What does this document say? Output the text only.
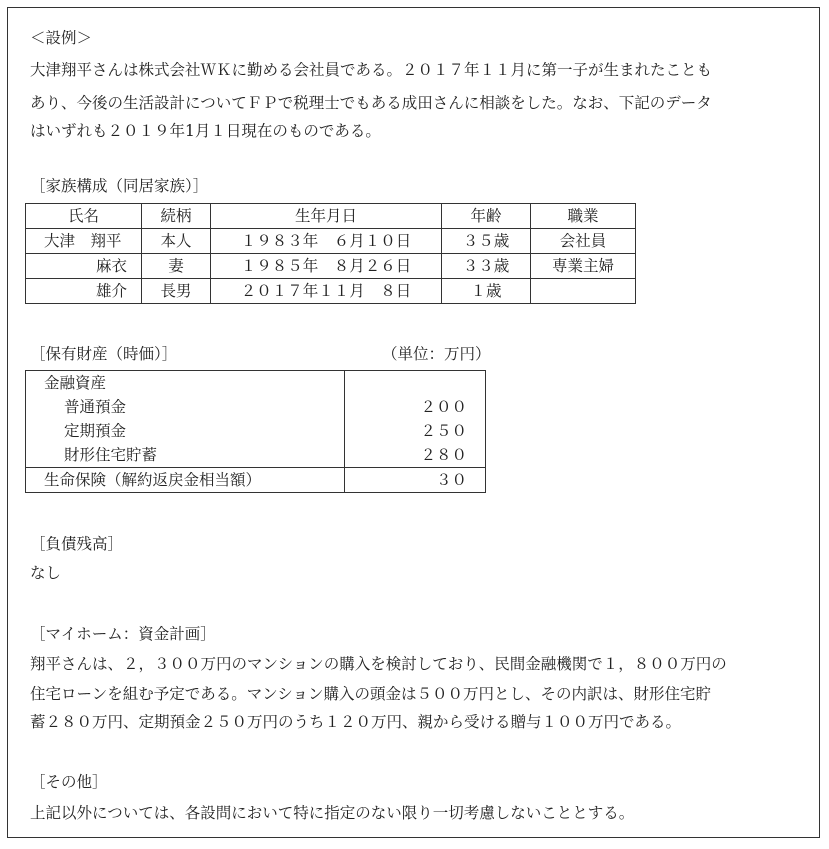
＜設例＞
大津翔平さんは株式会社ＷＫに勤める会社員である。２０１７年１１月に第一子が生まれたことも
あり、今後の生活設計についてＦＰで税理士でもある成田さんに相談をした。なお、下記のデータ
はいずれも２０１９年1月１日現在のものである。
［家族構成（同居家族）］
氏名	続柄	生年月日	年齢	職業
大津　翔平	本人	１９８３年　６月１０日	３５歳	会社員
麻衣	妻	１９８５年　８月２６日	３３歳	専業主婦
雄介	長男	２０１７年１１月　８日	１歳	
［保有財産（時価）］	（単位：万円）
金融資産	
普通預金	２００
定期預金	２５０
財形住宅貯蓄	２８０
生命保険（解約返戻金相当額）	３０
［負債残高］
なし
［マイホーム：資金計画］
翔平さんは、２，３００万円のマンションの購入を検討しており、民間金融機関で１，８００万円の
住宅ローンを組む予定である。マンション購入の頭金は５００万円とし、その内訳は、財形住宅貯
蓄２８０万円、定期預金２５０万円のうち１２０万円、親から受ける贈与１００万円である。
［その他］
上記以外については、各設問において特に指定のない限り一切考慮しないこととする。
